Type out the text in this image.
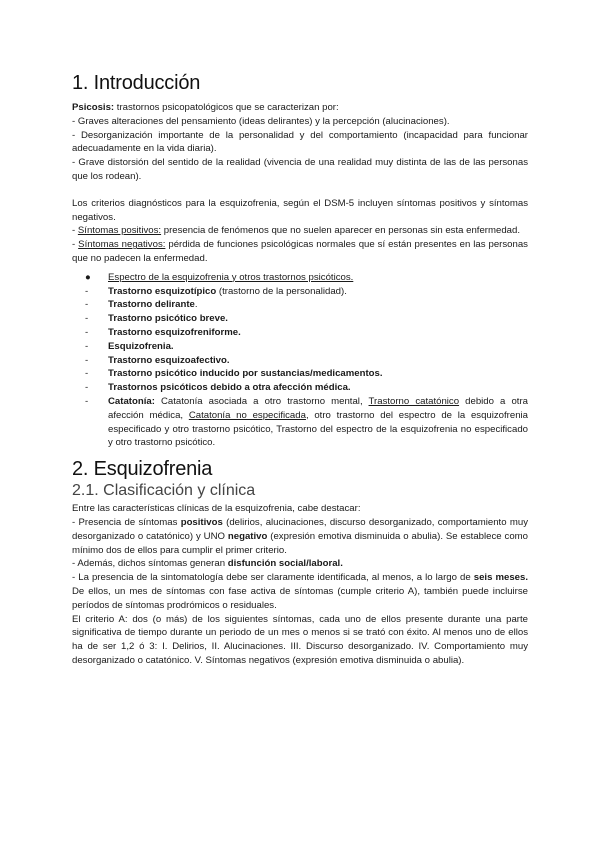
1. Introducción

Psicosis: trastornos psicopatológicos que se caracterizan por:

- Graves alteraciones del pensamiento (ideas delirantes) y la percepción (alucinaciones).

- Desorganización importante de la personalidad y del comportamiento (incapacidad para funcionar adecuadamente en la vida diaria).

- Grave distorsión del sentido de la realidad (vivencia de una realidad muy distinta de las de las personas que los rodean).

Los criterios diagnósticos para la esquizofrenia, según el DSM-5 incluyen síntomas positivos y síntomas negativos.

- Síntomas positivos: presencia de fenómenos que no suelen aparecer en personas sin esta enfermedad.

- Síntomas negativos: pérdida de funciones psicológicas normales que sí están presentes en las personas que no padecen la enfermedad.

● Espectro de la esquizofrenia y otros trastornos psicóticos.
- Trastorno esquizotípico (trastorno de la personalidad).
- Trastorno delirante.
- Trastorno psicótico breve.
- Trastorno esquizofreniforme.
- Esquizofrenia.
- Trastorno esquizoafectivo.
- Trastorno psicótico inducido por sustancias/medicamentos.
- Trastornos psicóticos debido a otra afección médica.
- Catatonía: Catatonía asociada a otro trastorno mental, Trastorno catatónico debido a otra afección médica, Catatonía no especificada, otro trastorno del espectro de la esquizofrenia especificado y otro trastorno psicótico, Trastorno del espectro de la esquizofrenia no especificado y otro trastorno psicótico.
2. Esquizofrenia
2.1. Clasificación y clínica

Entre las características clínicas de la esquizofrenia, cabe destacar:

- Presencia de síntomas positivos (delirios, alucinaciones, discurso desorganizado, comportamiento muy desorganizado o catatónico) y UNO negativo (expresión emotiva disminuida o abulia). Se establece como mínimo dos de ellos para cumplir el primer criterio.

- Además, dichos síntomas generan disfunción social/laboral.

- La presencia de la sintomatología debe ser claramente identificada, al menos, a lo largo de seis meses. De ellos, un mes de síntomas con fase activa de síntomas (cumple criterio A), también puede incluirse períodos de síntomas prodrómicos o residuales.

El criterio A: dos (o más) de los siguientes síntomas, cada uno de ellos presente durante una parte significativa de tiempo durante un periodo de un mes o menos si se trató con éxito. Al menos uno de ellos ha de ser 1,2 ó 3: I. Delirios, II. Alucinaciones. III. Discurso desorganizado. IV. Comportamiento muy desorganizado o catatónico. V. Síntomas negativos (expresión emotiva disminuida o abulia).
